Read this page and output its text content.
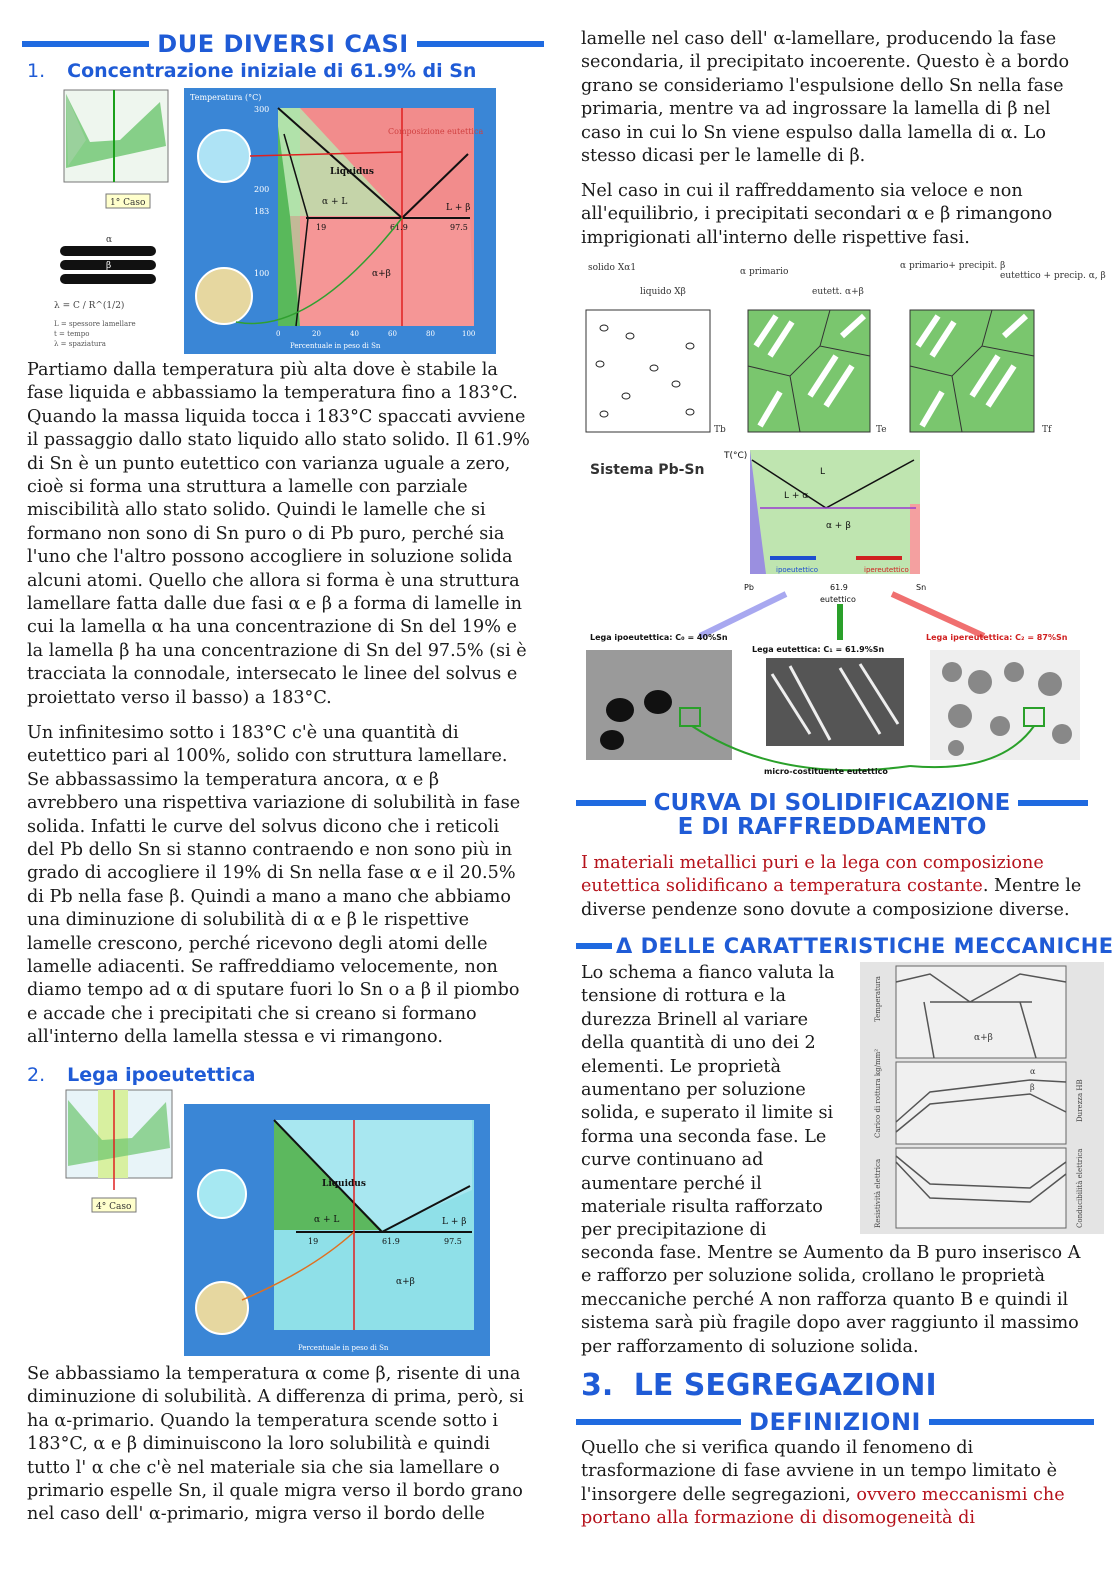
DUE DIVERSI CASI
1. Concentrazione iniziale di 61.9% di Sn
1° Caso
α
β
λ = C / R^(1/2)
L = spessore lamellare
t = tempo
λ = spaziatura
Temperatura (°C)
300
183
200
100
Liquidus
α + L
L + β
α+β
19	61.9	97.5
Composizione eutettica
0	20	40	60	80	100
Percentuale in peso di Sn

Partiamo dalla temperatura più alta dove è stabile la fase liquida e abbassiamo la temperatura fino a 183°C. Quando la massa liquida tocca i 183°C spaccati avviene il passaggio dallo stato liquido allo stato solido. Il 61.9% di Sn è un punto eutettico con varianza uguale a zero, cioè si forma una struttura a lamelle con parziale miscibilità allo stato solido. Quindi le lamelle che si formano non sono di Sn puro o di Pb puro, perché sia l'uno che l'altro possono accogliere in soluzione solida alcuni atomi. Quello che allora si forma è una struttura lamellare fatta dalle due fasi α e β a forma di lamelle in cui la lamella α ha una concentrazione di Sn del 19% e la lamella β ha una concentrazione di Sn del 97.5% (si è tracciata la connodale, intersecato le linee del solvus e proiettato verso il basso) a 183°C.

Un infinitesimo sotto i 183°C c'è una quantità di eutettico pari al 100%, solido con struttura lamellare. Se abbassassimo la temperatura ancora, α e β avrebbero una rispettiva variazione di solubilità in fase solida. Infatti le curve del solvus dicono che i reticoli del Pb dello Sn si stanno contraendo e non sono più in grado di accogliere il 19% di Sn nella fase α e il 20.5% di Pb nella fase β. Quindi a mano a mano che abbiamo una diminuzione di solubilità di α e β le rispettive lamelle crescono, perché ricevono degli atomi delle lamelle adiacenti. Se raffreddiamo velocemente, non diamo tempo ad α di sputare fuori lo Sn o a β il piombo e accade che i precipitati che si creano si formano all'interno della lamella stessa e vi rimangono.

2. Lega ipoeutettica
4° Caso
Liquidus
α + L	L + β
α+β
19	61.9	97.5
Percentuale in peso di Sn

Se abbassiamo la temperatura α come β, risente di una diminuzione di solubilità. A differenza di prima, però, si ha α-primario. Quando la temperatura scende sotto i 183°C, α e β diminuiscono la loro solubilità e quindi tutto l' α che c'è nel materiale sia che sia lamellare o primario espelle Sn, il quale migra verso il bordo grano nel caso dell' α-primario, migra verso il bordo delle

lamelle nel caso dell' α-lamellare, producendo la fase secondaria, il precipitato incoerente. Questo è a bordo grano se consideriamo l'espulsione dello Sn nella fase primaria, mentre va ad ingrossare la lamella di β nel caso in cui lo Sn viene espulso dalla lamella di α. Lo stesso dicasi per le lamelle di β.

Nel caso in cui il raffreddamento sia veloce e non all'equilibrio, i precipitati secondari α e β rimangono imprigionati all'interno delle rispettive fasi.

solido Xα1
liquido Xβ
α primario
eutett. α+β
α primario+ precipit. β
eutettico + precip. α, β
Tb	Te	Tf
Sistema Pb-Sn
T(°C)
L
L + α
α + β
ipoeutettico	ipereutettico
Pb	Sn
61.9
eutettico
Lega ipoeutettica: C₀ = 40%Sn
Lega eutettica: C₁ = 61.9%Sn
Lega ipereutettica: C₂ = 87%Sn
micro-costituente eutettico
CURVA DI SOLIDIFICAZIONE
E DI RAFFREDDAMENTO

I materiali metallici puri e la lega con composizione eutettica solidificano a temperatura costante. Mentre le diverse pendenze sono dovute a composizione diverse.

Δ DELLE CARATTERISTICHE MECCANICHE
α+β
α
β
Temperatura
Carico di rottura kg/mm²	Durezza HB
Resistività elettrica	Conducibilità elettrica

Lo schema a fianco valuta la tensione di rottura e la durezza Brinell al variare della quantità di uno dei 2 elementi. Le proprietà aumentano per soluzione solida, e superato il limite si forma una seconda fase. Le curve continuano ad aumentare perché il materiale risulta rafforzato per precipitazione di

seconda fase. Mentre se Aumento da B puro inserisco A e rafforzo per soluzione solida, crollano le proprietà meccaniche perché A non rafforza quanto B e quindi il sistema sarà più fragile dopo aver raggiunto il massimo per rafforzamento di soluzione solida.

3. LE SEGREGAZIONI
DEFINIZIONI

Quello che si verifica quando il fenomeno di trasformazione di fase avviene in un tempo limitato è l'insorgere delle segregazioni, ovvero meccanismi che portano alla formazione di disomogeneità di
